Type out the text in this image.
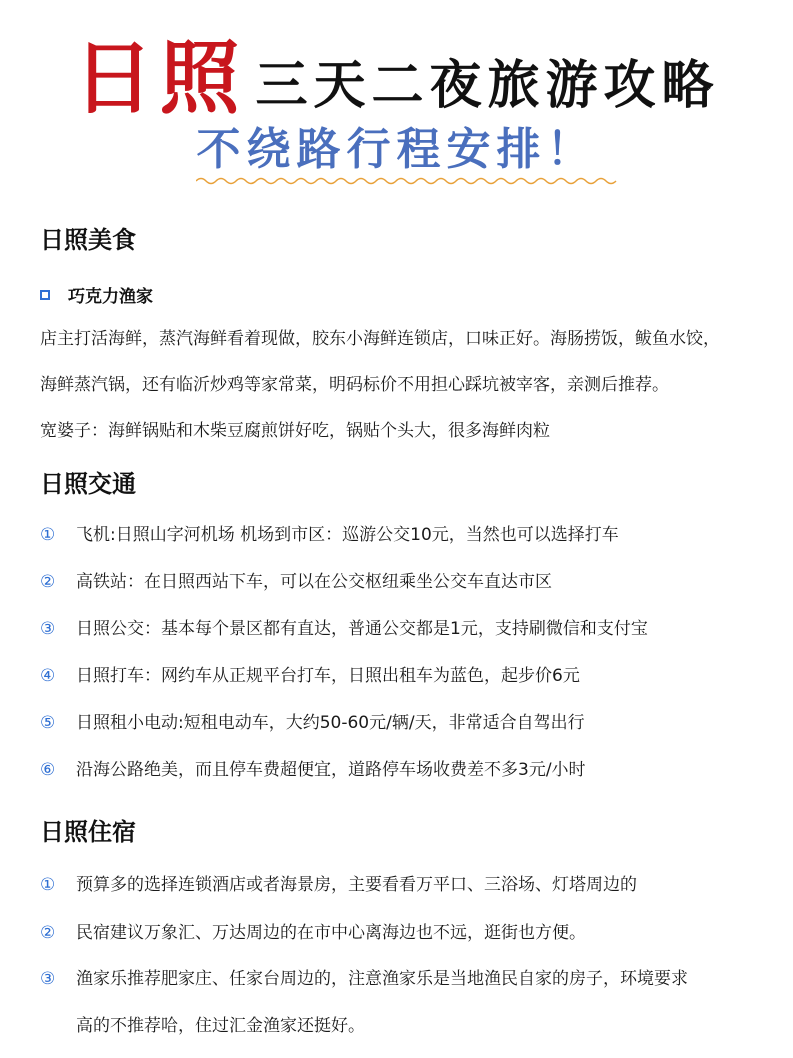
日照 三天二夜旅游攻略
不绕路行程安排！
日照美食
巧克力渔家
店主打活海鲜，蒸汽海鲜看着现做，胶东小海鲜连锁店，口味正好。海肠捞饭，鲅鱼水饺，
海鲜蒸汽锅，还有临沂炒鸡等家常菜，明码标价不用担心踩坑被宰客，亲测后推荐。
宽婆子：海鲜锅贴和木柴豆腐煎饼好吃，锅贴个头大，很多海鲜肉粒
日照交通
①	飞机:日照山字河机场 机场到市区：巡游公交10元，当然也可以选择打车
②	高铁站：在日照西站下车，可以在公交枢纽乘坐公交车直达市区
③	日照公交：基本每个景区都有直达，普通公交都是1元，支持刷微信和支付宝
④	日照打车：网约车从正规平台打车，日照出租车为蓝色，起步价6元
⑤	日照租小电动:短租电动车，大约50-60元/辆/天，非常适合自驾出行
⑥	沿海公路绝美，而且停车费超便宜，道路停车场收费差不多3元/小时
日照住宿
①	预算多的选择连锁酒店或者海景房，主要看看万平口、三浴场、灯塔周边的
②	民宿建议万象汇、万达周边的在市中心离海边也不远，逛街也方便。
③	渔家乐推荐肥家庄、任家台周边的，注意渔家乐是当地渔民自家的房子，环境要求
高的不推荐哈，住过汇金渔家还挺好。
